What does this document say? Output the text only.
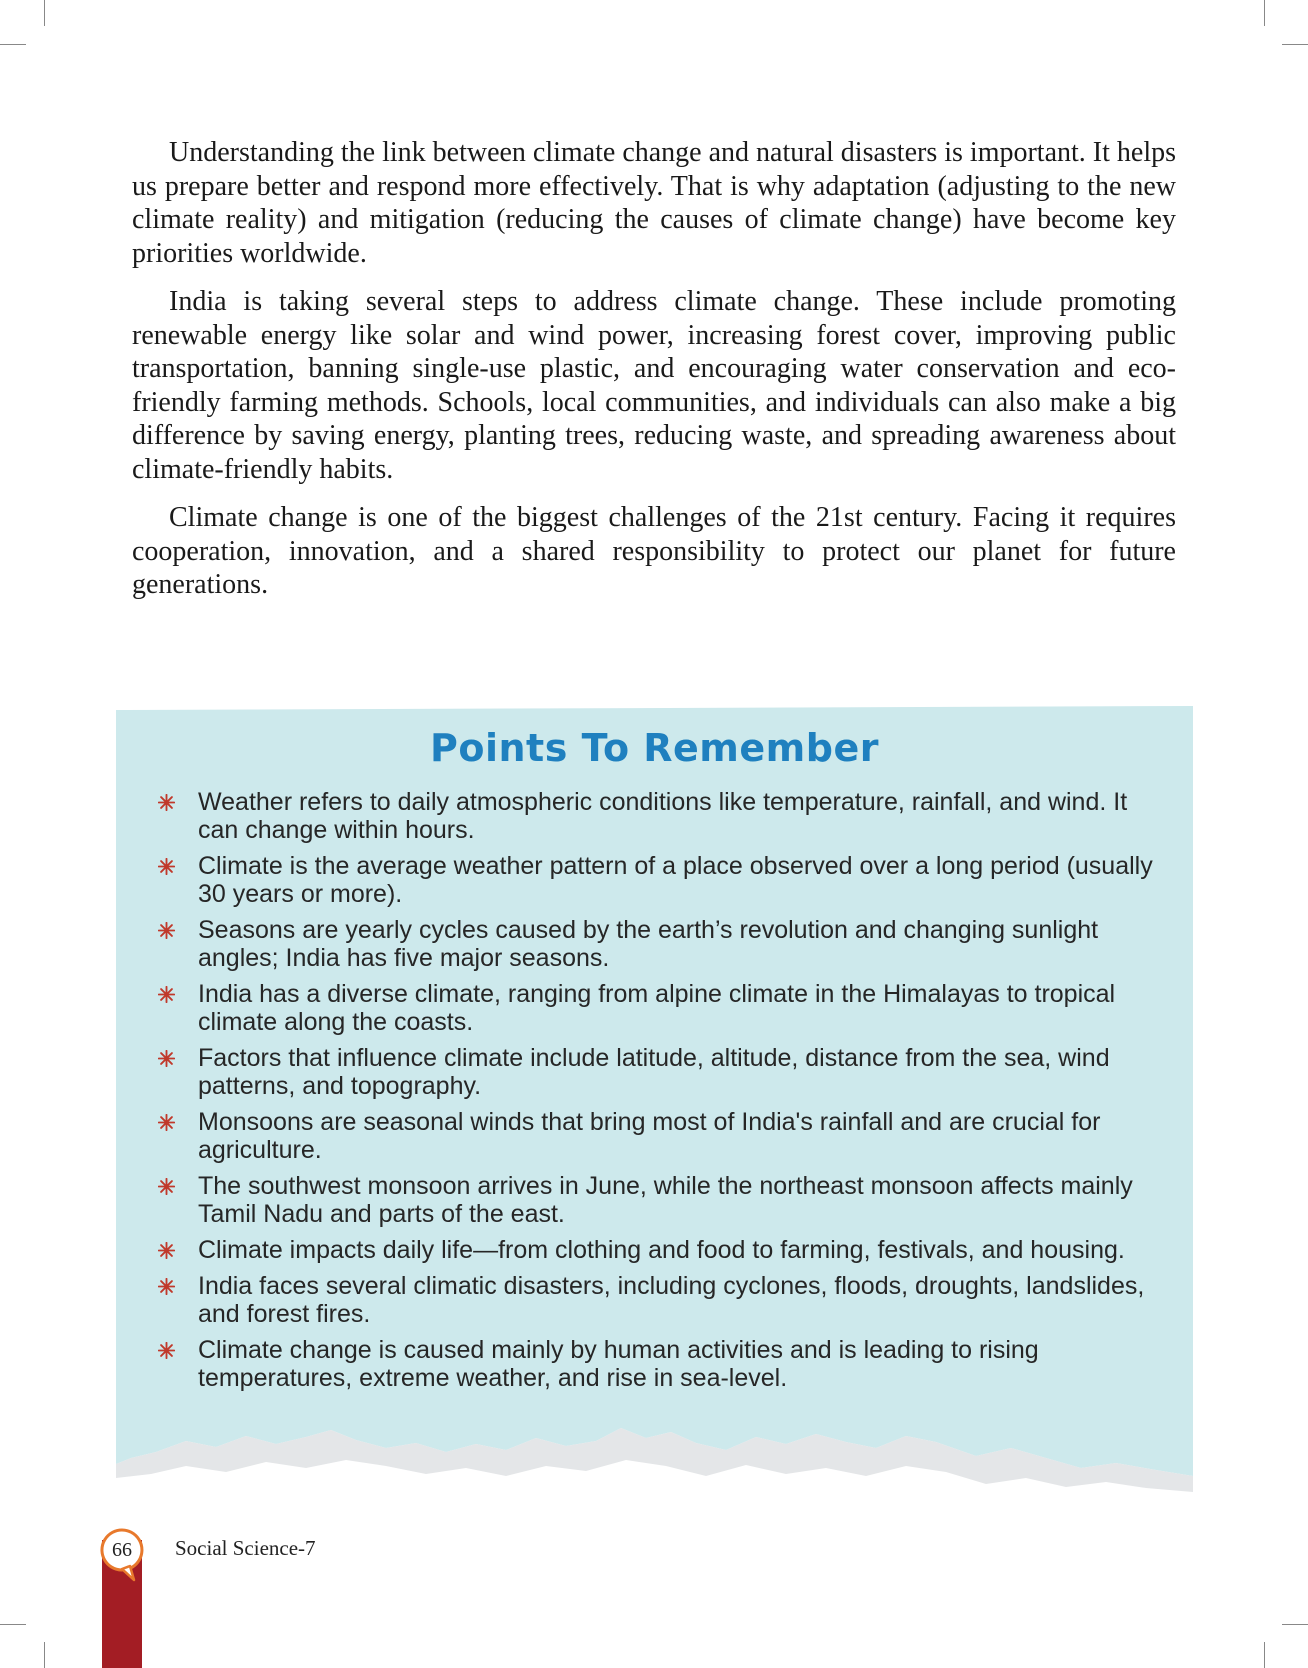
Understanding the link between climate change and natural disasters is important. It helps us prepare better and respond more effectively. That is why adaptation (adjusting to the new climate reality) and mitigation (reducing the causes of climate change) have become key priorities worldwide.

India is taking several steps to address climate change. These include promoting renewable energy like solar and wind power, increasing forest cover, improving public transportation, banning single-use plastic, and encouraging water conservation and eco-friendly farming methods. Schools, local communities, and individuals can also make a big difference by saving energy, planting trees, reducing waste, and spreading awareness about climate-friendly habits.

Climate change is one of the biggest challenges of the 21st century. Facing it requires cooperation, innovation, and a shared responsibility to protect our planet for future generations.

Points To Remember
Weather refers to daily atmospheric conditions like temperature, rainfall, and wind. It can change within hours.
Climate is the average weather pattern of a place observed over a long period (usually 30 years or more).
Seasons are yearly cycles caused by the earth’s revolution and changing sunlight angles; India has five major seasons.
India has a diverse climate, ranging from alpine climate in the Himalayas to tropical climate along the coasts.
Factors that influence climate include latitude, altitude, distance from the sea, wind patterns, and topography.
Monsoons are seasonal winds that bring most of India's rainfall and are crucial for agriculture.
The southwest monsoon arrives in June, while the northeast monsoon affects mainly Tamil Nadu and parts of the east.
Climate impacts daily life—from clothing and food to farming, festivals, and housing.
India faces several climatic disasters, including cyclones, floods, droughts, landslides, and forest fires.
Climate change is caused mainly by human activities and is leading to rising temperatures, extreme weather, and rise in sea-level.
66	Social Science-7
